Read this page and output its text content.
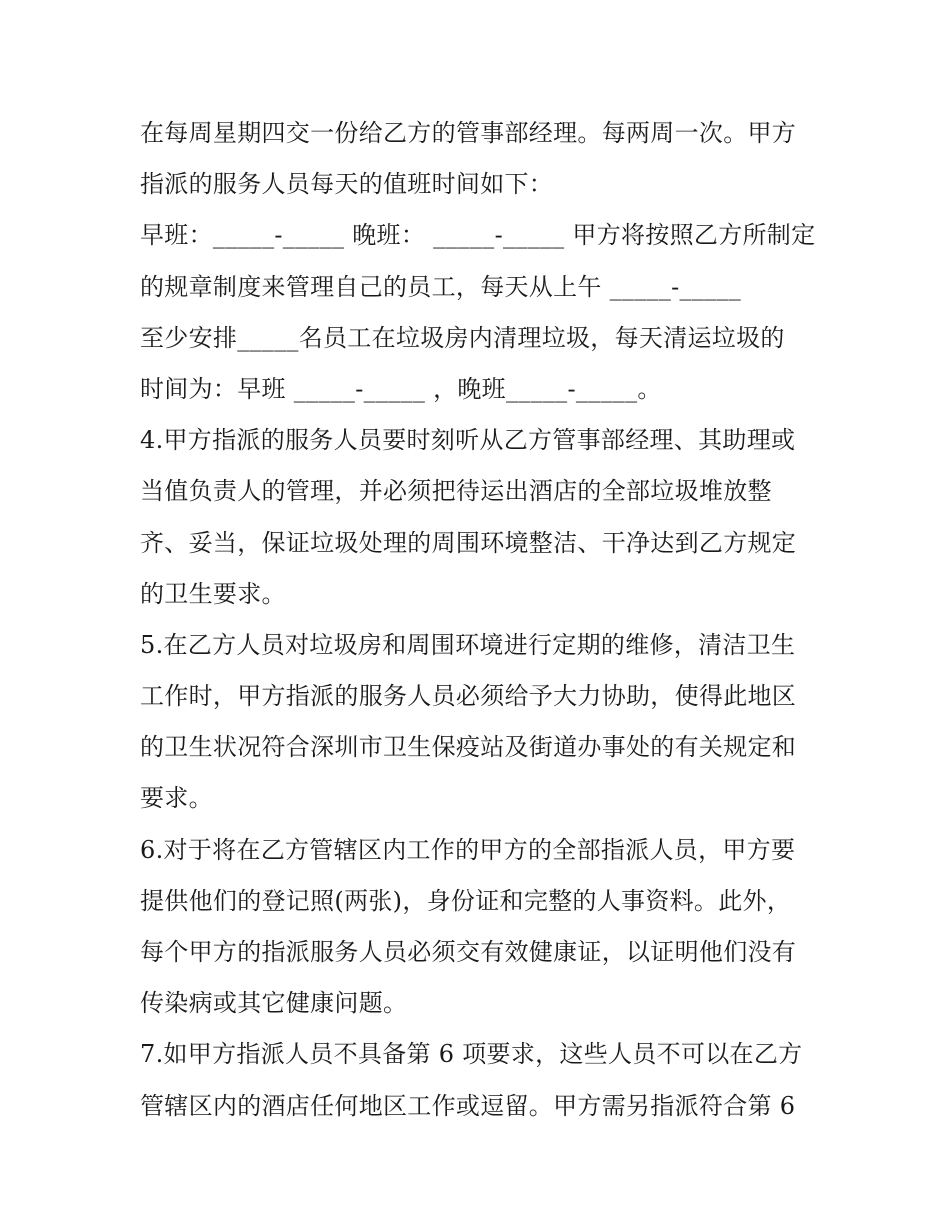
在每周星期四交一份给乙方的管事部经理。每两周一次。甲方
指派的服务人员每天的值班时间如下：
早班：_____-_____ 晚班： _____-_____ 甲方将按照乙方所制定
的规章制度来管理自己的员工，每天从上午 _____-_____
至少安排_____名员工在垃圾房内清理垃圾，每天清运垃圾的
时间为：早班 _____-_____ ，晚班_____-_____。
4.甲方指派的服务人员要时刻听从乙方管事部经理、其助理或
当值负责人的管理，并必须把待运出酒店的全部垃圾堆放整
齐、妥当，保证垃圾处理的周围环境整洁、干净达到乙方规定
的卫生要求。
5.在乙方人员对垃圾房和周围环境进行定期的维修，清洁卫生
工作时，甲方指派的服务人员必须给予大力协助，使得此地区
的卫生状况符合深圳市卫生保疫站及街道办事处的有关规定和
要求。
6.对于将在乙方管辖区内工作的甲方的全部指派人员，甲方要
提供他们的登记照(两张)，身份证和完整的人事资料。此外，
每个甲方的指派服务人员必须交有效健康证，以证明他们没有
传染病或其它健康问题。
7.如甲方指派人员不具备第 6 项要求，这些人员不可以在乙方
管辖区内的酒店任何地区工作或逗留。甲方需另指派符合第 6
